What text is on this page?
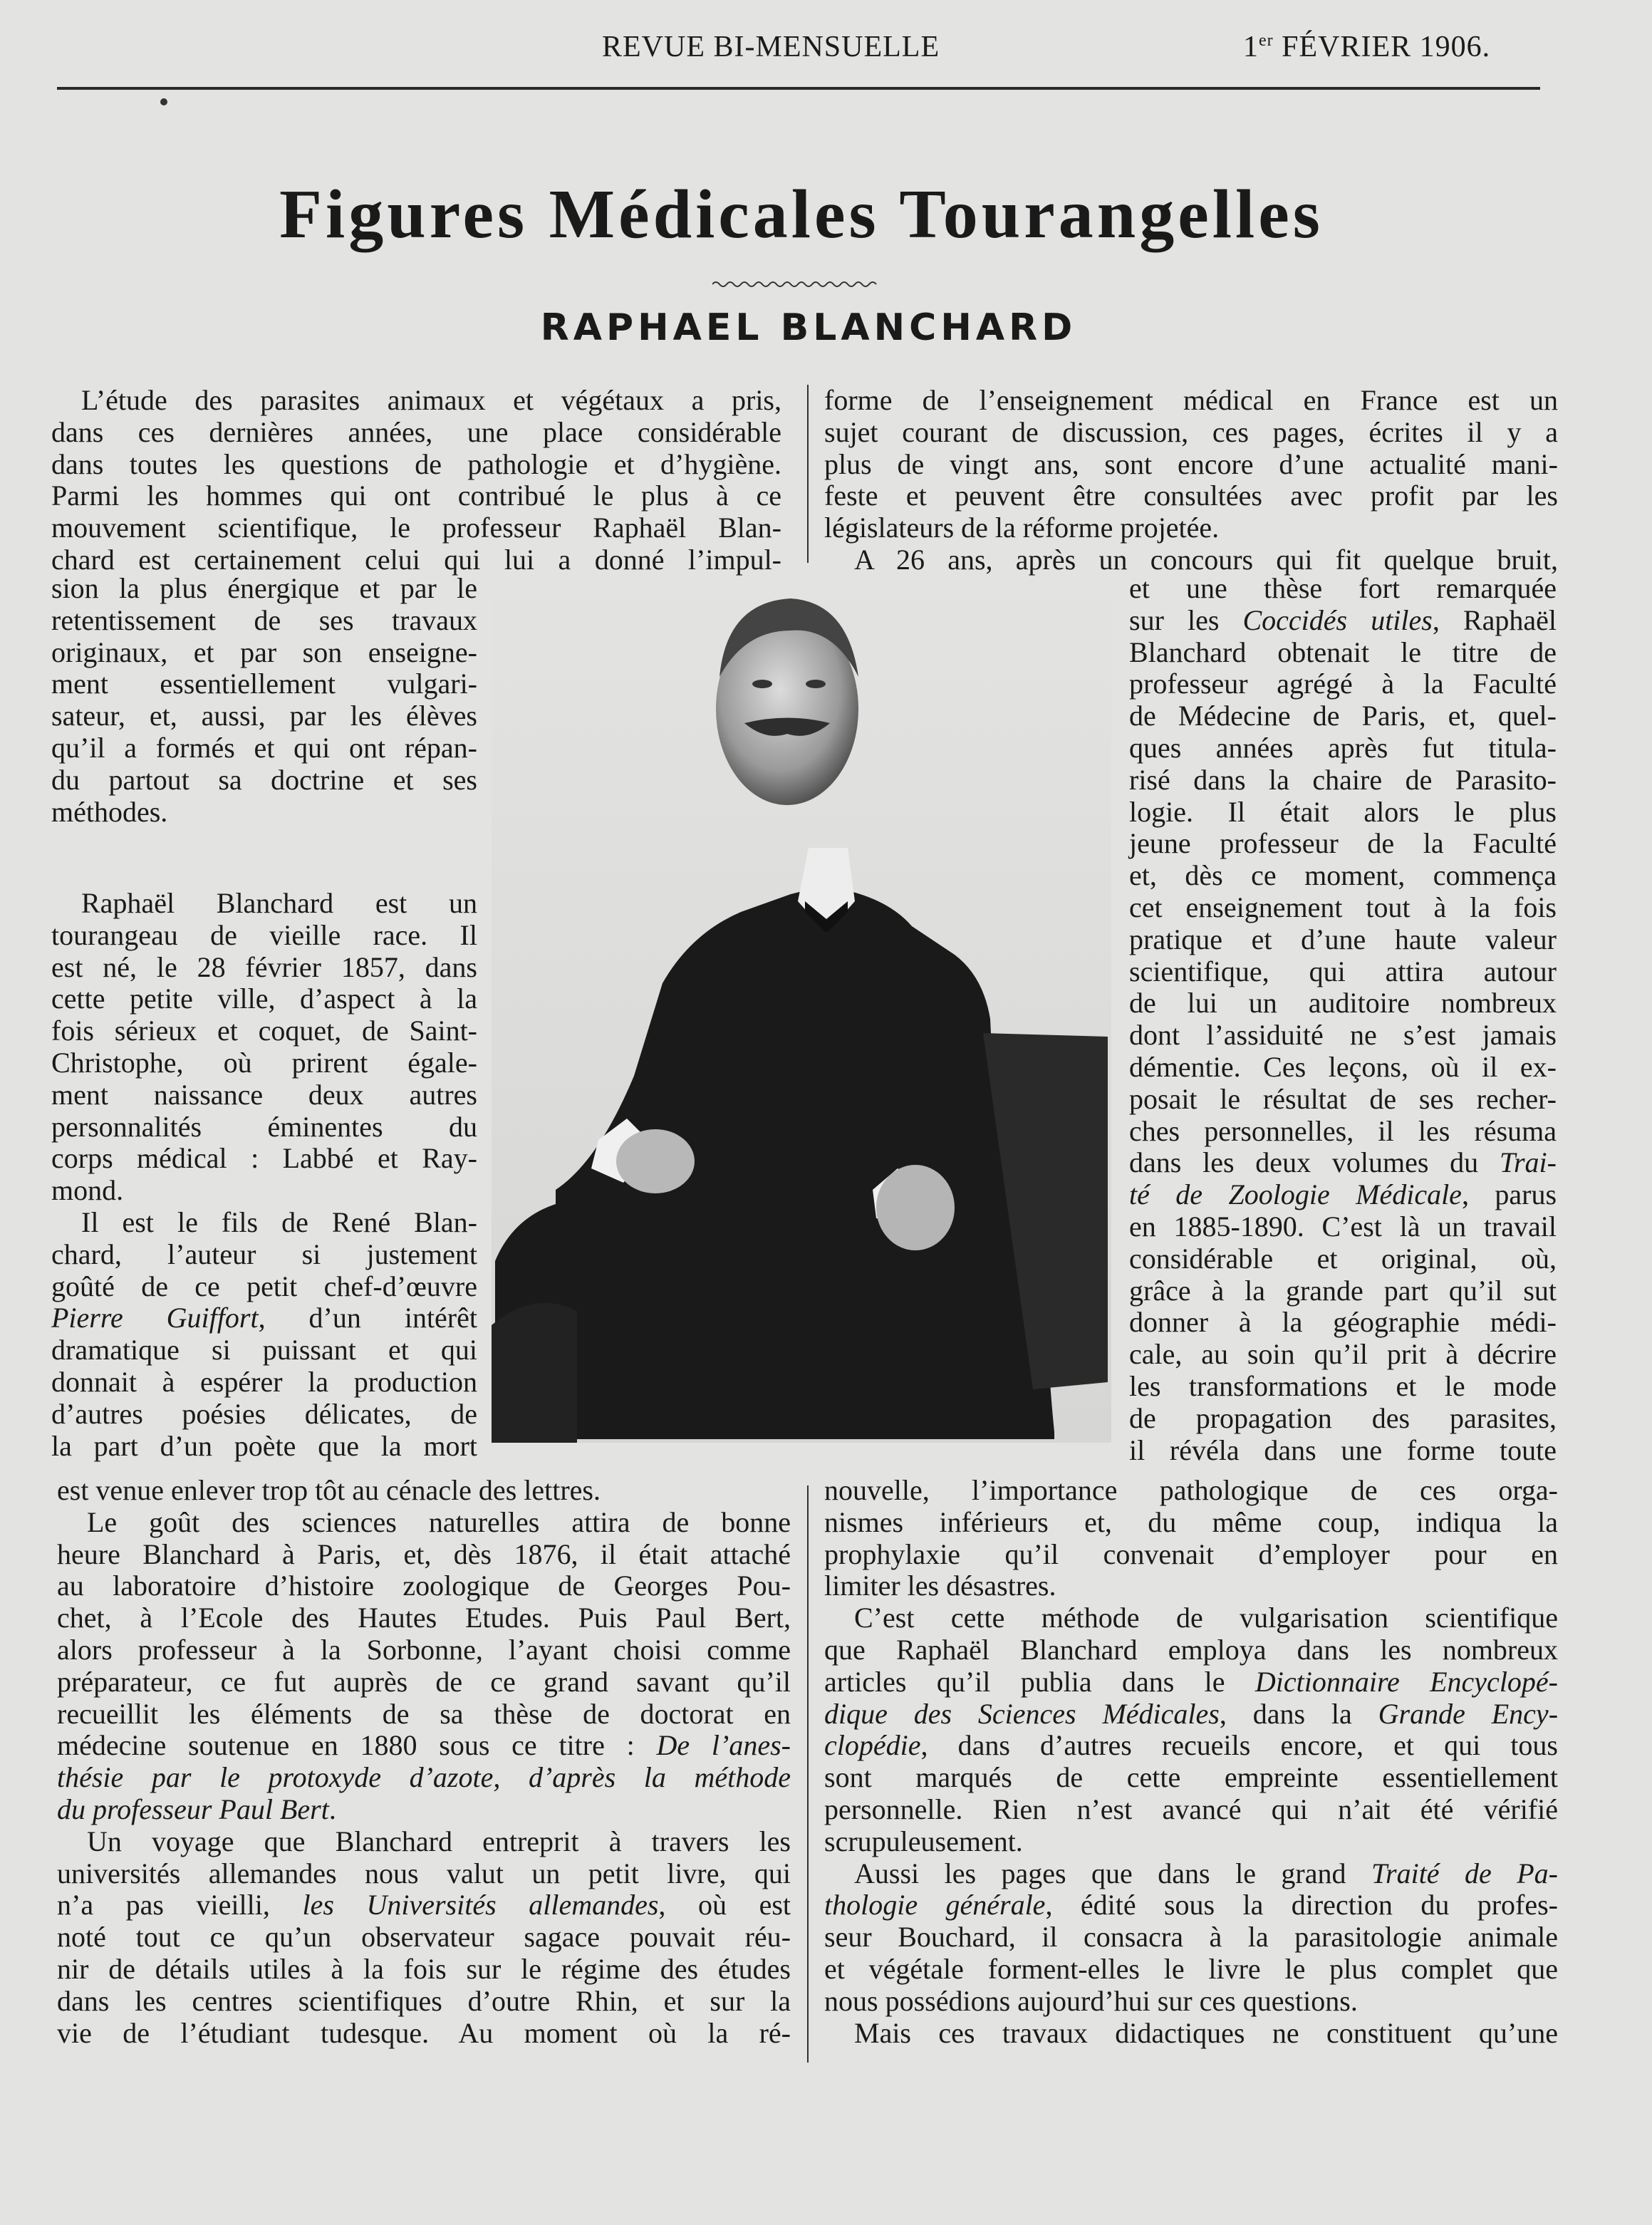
REVUE BI-MENSUELLE	1er FÉVRIER 1906.
Figures Médicales Tourangelles
RAPHAEL BLANCHARD
L’étude des parasites animaux et végétaux a pris,
dans ces dernières années, une place considérable
dans toutes les questions de pathologie et d’hygiène.
Parmi les hommes qui ont contribué le plus à ce
mouvement scientifique, le professeur Raphaël Blan-
chard est certainement celui qui lui a donné l’impul-
sion la plus énergique et par le
retentissement de ses travaux
originaux, et par son enseigne-
ment essentiellement vulgari-
sateur, et, aussi, par les élèves
qu’il a formés et qui ont répan-
du partout sa doctrine et ses
méthodes.
Raphaël Blanchard est un
tourangeau de vieille race. Il
est né, le 28 février 1857, dans
cette petite ville, d’aspect à la
fois sérieux et coquet, de Saint-
Christophe, où prirent égale-
ment naissance deux autres
personnalités éminentes du
corps médical : Labbé et Ray-
mond.
Il est le fils de René Blan-
chard, l’auteur si justement
goûté de ce petit chef-d’œuvre
Pierre Guiffort, d’un intérêt
dramatique si puissant et qui
donnait à espérer la production
d’autres poésies délicates, de
la part d’un poète que la mort
est venue enlever trop tôt au cénacle des lettres.
Le goût des sciences naturelles attira de bonne
heure Blanchard à Paris, et, dès 1876, il était attaché
au laboratoire d’histoire zoologique de Georges Pou-
chet, à l’Ecole des Hautes Etudes. Puis Paul Bert,
alors professeur à la Sorbonne, l’ayant choisi comme
préparateur, ce fut auprès de ce grand savant qu’il
recueillit les éléments de sa thèse de doctorat en
médecine soutenue en 1880 sous ce titre : De l’anes-
thésie par le protoxyde d’azote, d’après la méthode
du professeur Paul Bert.
Un voyage que Blanchard entreprit à travers les
universités allemandes nous valut un petit livre, qui
n’a pas vieilli, les Universités allemandes, où est
noté tout ce qu’un observateur sagace pouvait réu-
nir de détails utiles à la fois sur le régime des études
dans les centres scientifiques d’outre Rhin, et sur la
vie de l’étudiant tudesque. Au moment où la ré-
forme de l’enseignement médical en France est un
sujet courant de discussion, ces pages, écrites il y a
plus de vingt ans, sont encore d’une actualité mani-
feste et peuvent être consultées avec profit par les
législateurs de la réforme projetée.
A 26 ans, après un concours qui fit quelque bruit,
et une thèse fort remarquée
sur les Coccidés utiles, Raphaël
Blanchard obtenait le titre de
professeur agrégé à la Faculté
de Médecine de Paris, et, quel-
ques années après fut titula-
risé dans la chaire de Parasito-
logie. Il était alors le plus
jeune professeur de la Faculté
et, dès ce moment, commença
cet enseignement tout à la fois
pratique et d’une haute valeur
scientifique, qui attira autour
de lui un auditoire nombreux
dont l’assiduité ne s’est jamais
démentie. Ces leçons, où il ex-
posait le résultat de ses recher-
ches personnelles, il les résuma
dans les deux volumes du Trai-
té de Zoologie Médicale, parus
en 1885-1890. C’est là un travail
considérable et original, où,
grâce à la grande part qu’il sut
donner à la géographie médi-
cale, au soin qu’il prit à décrire
les transformations et le mode
de propagation des parasites,
il révéla dans une forme toute
nouvelle, l’importance pathologique de ces orga-
nismes inférieurs et, du même coup, indiqua la
prophylaxie qu’il convenait d’employer pour en
limiter les désastres.
C’est cette méthode de vulgarisation scientifique
que Raphaël Blanchard employa dans les nombreux
articles qu’il publia dans le Dictionnaire Encyclopé-
dique des Sciences Médicales, dans la Grande Ency-
clopédie, dans d’autres recueils encore, et qui tous
sont marqués de cette empreinte essentiellement
personnelle. Rien n’est avancé qui n’ait été vérifié
scrupuleusement.
Aussi les pages que dans le grand Traité de Pa-
thologie générale, édité sous la direction du profes-
seur Bouchard, il consacra à la parasitologie animale
et végétale forment-elles le livre le plus complet que
nous possédions aujourd’hui sur ces questions.
Mais ces travaux didactiques ne constituent qu’une
